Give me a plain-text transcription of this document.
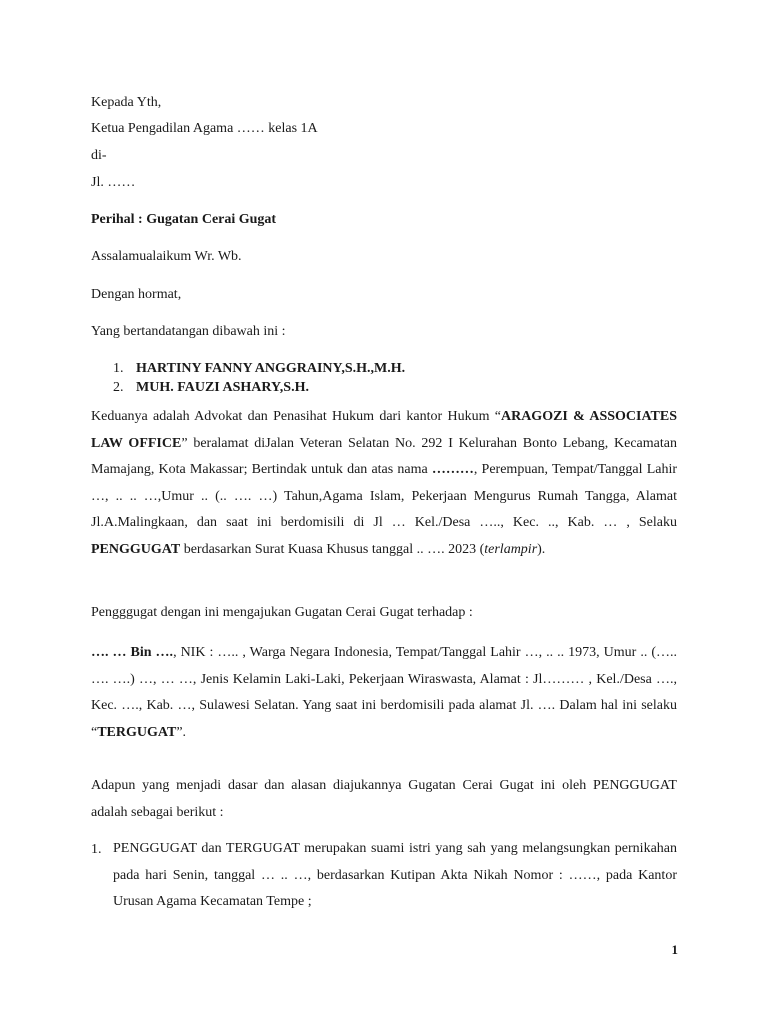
Kepada Yth,
Ketua Pengadilan Agama …… kelas 1A
di-
Jl. ……
Perihal : Gugatan Cerai Gugat
Assalamualaikum Wr. Wb.
Dengan hormat,
Yang bertandatangan dibawah ini :
1. HARTINY FANNY ANGGRAINY,S.H.,M.H.
2. MUH. FAUZI ASHARY,S.H.

Keduanya adalah Advokat dan Penasihat Hukum dari kantor Hukum “ARAGOZI & ASSOCIATES LAW OFFICE” beralamat diJalan Veteran Selatan No. 292 I Kelurahan Bonto Lebang, Kecamatan Mamajang, Kota Makassar; Bertindak untuk dan atas nama ………, Perempuan, Tempat/Tanggal Lahir …, .. .. …,Umur .. (.. …. …) Tahun,Agama Islam, Pekerjaan Mengurus Rumah Tangga, Alamat Jl.A.Malingkaan, dan saat ini berdomisili di Jl … Kel./Desa ….., Kec. .., Kab. … , Selaku PENGGUGAT berdasarkan Surat Kuasa Khusus tanggal .. …. 2023 (terlampir).

Pengggugat dengan ini mengajukan Gugatan Cerai Gugat terhadap :

…. … Bin …., NIK : ….. , Warga Negara Indonesia, Tempat/Tanggal Lahir …, .. .. 1973, Umur .. (….. …. ….) …, … …, Jenis Kelamin Laki-Laki, Pekerjaan Wiraswasta, Alamat : Jl……… , Kel./Desa …., Kec. …., Kab. …, Sulawesi Selatan. Yang saat ini berdomisili pada alamat Jl. …. Dalam hal ini selaku “TERGUGAT”.

Adapun yang menjadi dasar dan alasan diajukannya Gugatan Cerai Gugat ini oleh PENGGUGAT adalah sebagai berikut :

1. PENGGUGAT dan TERGUGAT merupakan suami istri yang sah yang melangsungkan pernikahan pada hari Senin, tanggal … .. …, berdasarkan Kutipan Akta Nikah Nomor : ……, pada Kantor Urusan Agama Kecamatan Tempe ;

1
